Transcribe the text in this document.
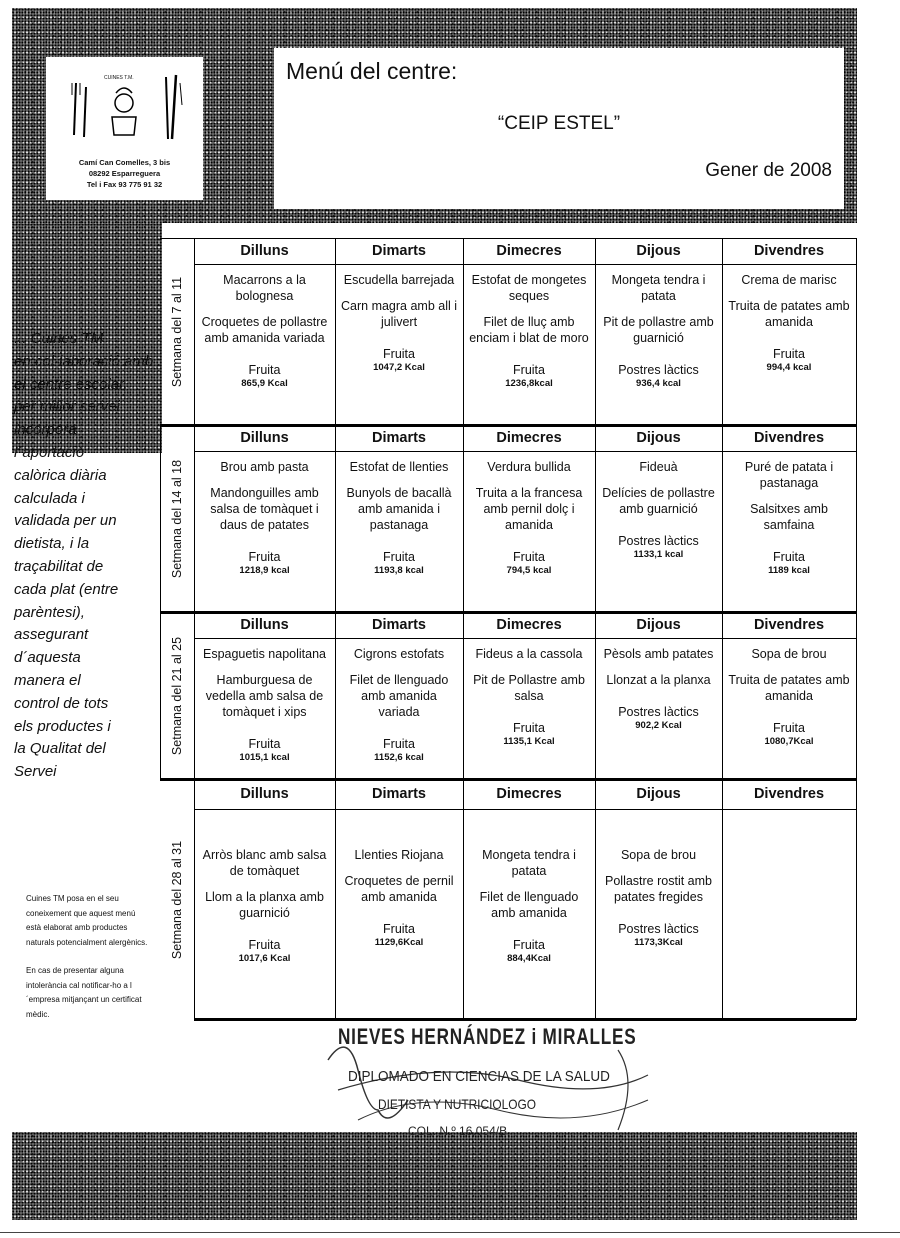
CUINES T.M.
Camí Can Comelles, 3 bis
08292 Esparreguera
Tel i Fax 93 775 91 32
Menú del centre:
“CEIP ESTEL”
Gener de 2008
... Cuines TM
en col·laboració amb
el centre escolar,
per millor servei
incorpora
l´aportació
calòrica diària
calculada i
validada per un
dietista, i la
traçabilitat de
cada plat (entre
parèntesi),
assegurant
d´aquesta
manera el
control de tots
els productes i
la Qualitat del
Servei

Cuines TM posa en el seu coneixement que aquest menú està elaborat amb productes naturals potencialment alergènics.

En cas de presentar alguna intolerància cal notificar-ho a l´empresa mitjançant un certificat mèdic.

Setmana del 7 al 11
Dilluns
Macarrons a la bolognesa
Croquetes de pollastre amb amanida variada
Fruita
865,9 Kcal
Dimarts
Escudella barrejada
Carn magra amb all i julivert
Fruita
1047,2 Kcal
Dimecres
Estofat de mongetes seques
Filet de lluç amb enciam i blat de moro
Fruita
1236,8kcal
Dijous
Mongeta tendra i patata
Pit de pollastre amb guarnició
Postres làctics
936,4 kcal
Divendres
Crema de marisc
Truita de patates amb amanida
Fruita
994,4 kcal
Setmana del 14 al 18
Dilluns
Brou amb pasta
Mandonguilles amb salsa de tomàquet i daus de patates
Fruita
1218,9 kcal
Dimarts
Estofat de llenties
Bunyols de bacallà amb amanida i pastanaga
Fruita
1193,8 kcal
Dimecres
Verdura bullida
Truita a la francesa amb pernil dolç i amanida
Fruita
794,5 kcal
Dijous
Fideuà
Delícies de pollastre amb guarnició
Postres làctics
1133,1 kcal
Divendres
Puré de patata i pastanaga
Salsitxes amb samfaina
Fruita
1189 kcal
Setmana del 21 al 25
Dilluns
Espaguetis napolitana
Hamburguesa de vedella amb salsa de tomàquet i xips
Fruita
1015,1 kcal
Dimarts
Cigrons estofats
Filet de llenguado amb amanida variada
Fruita
1152,6 kcal
Dimecres
Fideus a la cassola
Pit de Pollastre amb salsa
Fruita
1135,1 Kcal
Dijous
Pèsols amb patates
Llonzat a la planxa
Postres làctics
902,2 Kcal
Divendres
Sopa de brou
Truita de patates amb amanida
Fruita
1080,7Kcal
Setmana del 28 al 31
Dilluns
Arròs blanc amb salsa de tomàquet
Llom a la planxa amb guarnició
Fruita
1017,6 Kcal
Dimarts
Llenties Riojana
Croquetes de pernil amb amanida
Fruita
1129,6Kcal
Dimecres
Mongeta tendra i patata
Filet de llenguado amb amanida
Fruita
884,4Kcal
Dijous
Sopa de brou
Pollastre rostit amb patates fregides
Postres làctics
1173,3Kcal
Divendres
NIEVES HERNÁNDEZ i MIRALLES
DIPLOMADO EN CIENCIAS DE LA SALUD
DIETISTA Y NUTRICIOLOGO
COL. N.º 16.054/B
